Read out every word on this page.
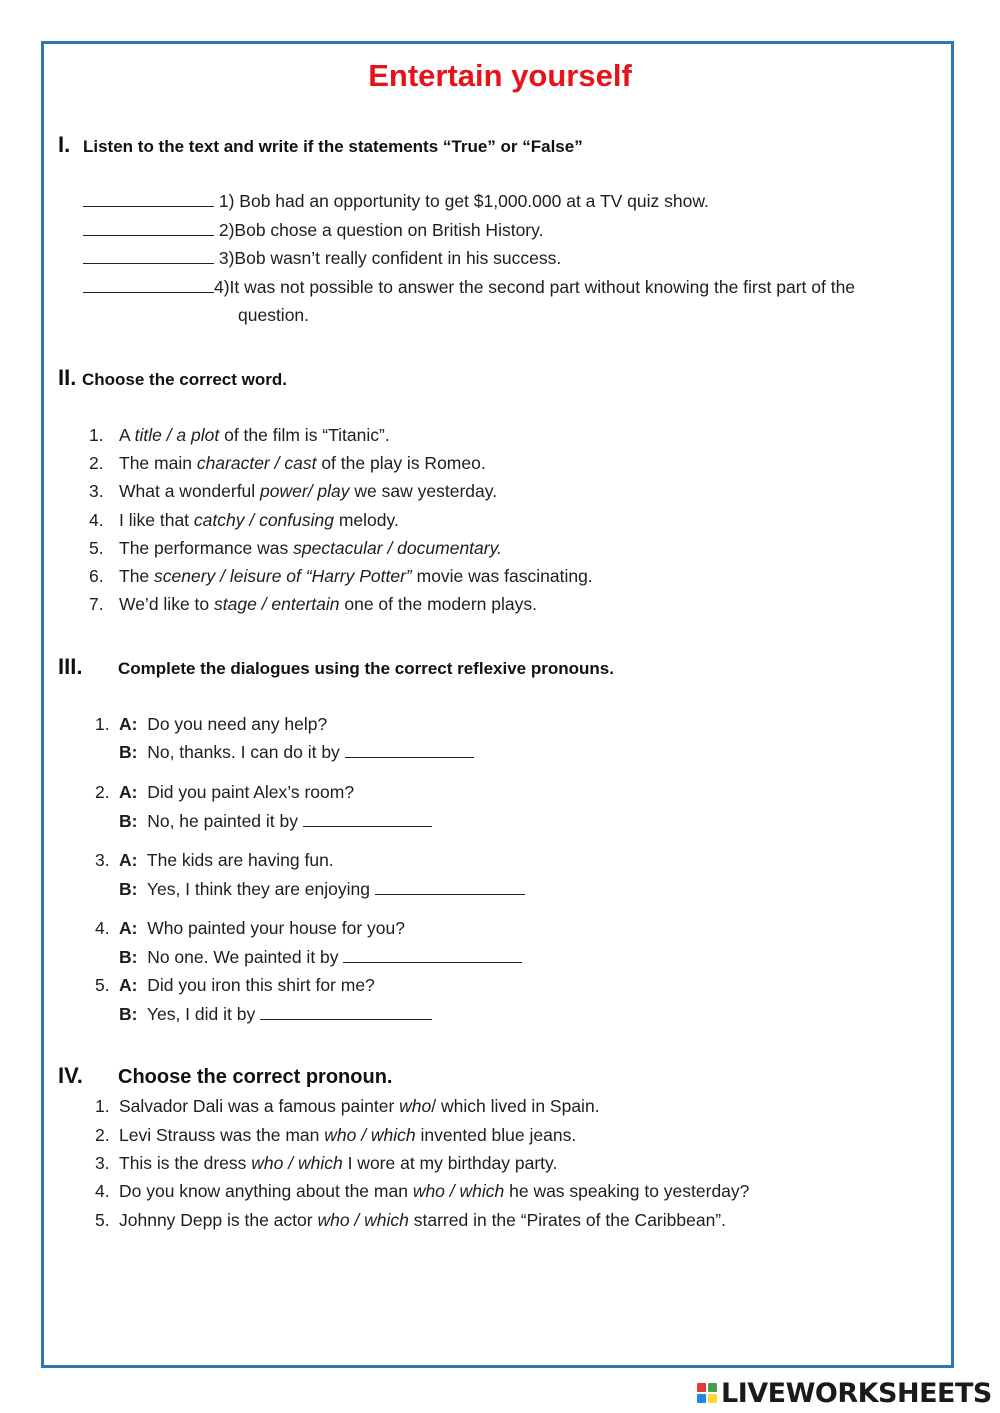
Entertain yourself
I. Listen to the text and write if the statements “True” or “False”
1) Bob had an opportunity to get $1,000.000 at a TV quiz show.
2)Bob chose a question on British History.
3)Bob wasn’t really confident in his success.
4)It was not possible to answer the second part without knowing the first part of the
question.
II. Choose the correct word.
1. A title / a plot of the film is “Titanic”.
2. The main character / cast of the play is Romeo.
3. What a wonderful power/ play we saw yesterday.
4. I like that catchy / confusing melody.
5. The performance was spectacular / documentary.
6. The scenery / leisure of “Harry Potter” movie was fascinating.
7. We’d like to stage / entertain one of the modern plays.
III. Complete the dialogues using the correct reflexive pronouns.
1. A: Do you need any help?
B: No, thanks. I can do it by
2. A: Did you paint Alex’s room?
B: No, he painted it by
3. A: The kids are having fun.
B: Yes, I think they are enjoying
4. A: Who painted your house for you?
B: No one. We painted it by
5. A: Did you iron this shirt for me?
B: Yes, I did it by
IV. Choose the correct pronoun.
1. Salvador Dali was a famous painter who/ which lived in Spain.
2. Levi Strauss was the man who / which invented blue jeans.
3. This is the dress who / which I wore at my birthday party.
4. Do you know anything about the man who / which he was speaking to yesterday?
5. Johnny Depp is the actor who / which starred in the “Pirates of the Caribbean”.
LIVEWORKSHEETS
